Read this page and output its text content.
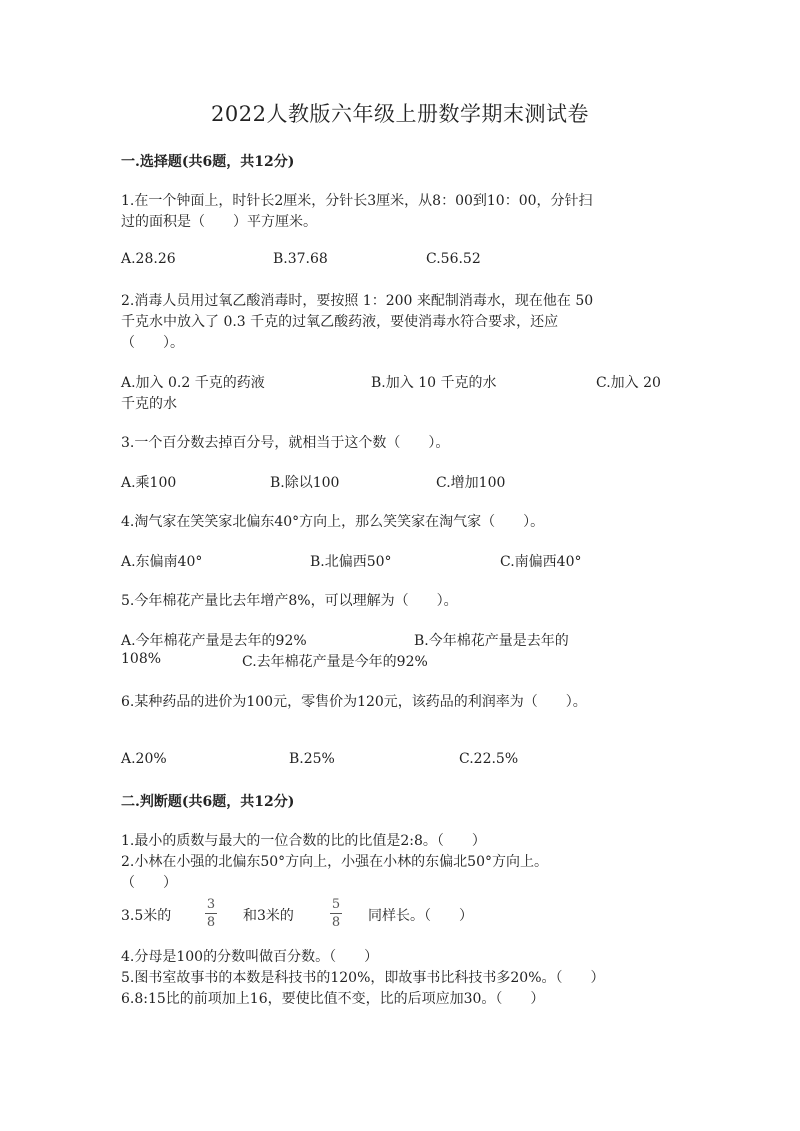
2022人教版六年级上册数学期末测试卷
一.选择题(共6题，共12分)
1.在一个钟面上，时针长2厘米，分针长3厘米，从8：00到10：00，分针扫
过的面积是（　　）平方厘米。
A.28.26	B.37.68	C.56.52
2.消毒人员用过氧乙酸消毒时，要按照 1：200 来配制消毒水，现在他在 50
千克水中放入了 0.3 千克的过氧乙酸药液，要使消毒水符合要求，还应
（　　）。
A.加入 0.2 千克的药液	B.加入 10 千克的水	C.加入 20
千克的水
3.一个百分数去掉百分号，就相当于这个数（　　）。
A.乘100	B.除以100	C.增加100
4.淘气家在笑笑家北偏东40°方向上，那么笑笑家在淘气家（　　）。
A.东偏南40°	B.北偏西50°	C.南偏西40°
5.今年棉花产量比去年增产8%，可以理解为（　　）。
A.今年棉花产量是去年的92%	B.今年棉花产量是去年的
108%	C.去年棉花产量是今年的92%
6.某种药品的进价为100元，零售价为120元，该药品的利润率为（　　）。
A.20%	B.25%	C.22.5%
二.判断题(共6题，共12分)
1.最小的质数与最大的一位合数的比的比值是2:8。（　　）
2.小林在小强的北偏东50°方向上，小强在小林的东偏北50°方向上。
（　　）
3.5米的
3
8 和3米的
5
8 同样长。（　　）
4.分母是100的分数叫做百分数。（　　）
5.图书室故事书的本数是科技书的120%，即故事书比科技书多20%。（　　）
6.8:15比的前项加上16，要使比值不变，比的后项应加30。（　　）
